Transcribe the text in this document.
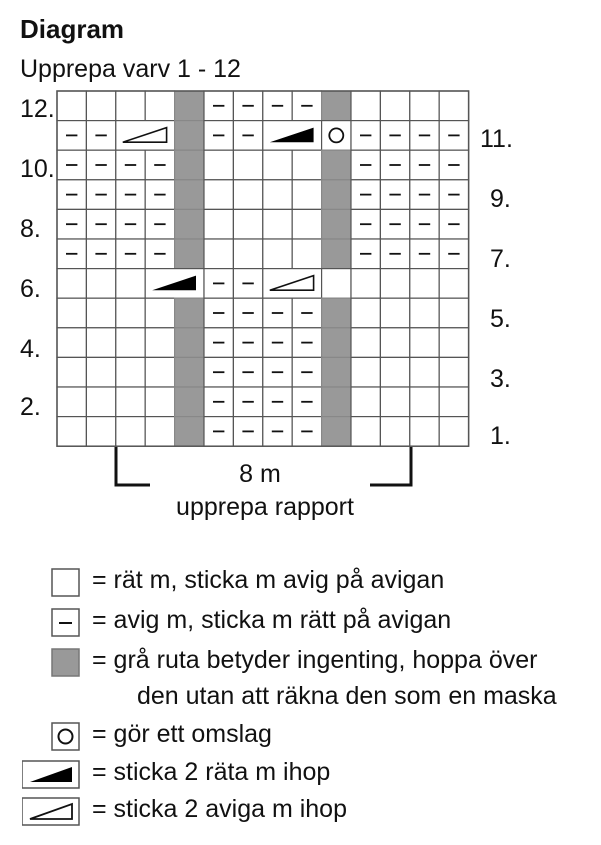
Diagram
Upprepa varv 1 - 12
12.
10.
8.
6.
4.
2.
11.
9.
7.
5.
3.
1.
8 m
upprepa rapport
= rät m, sticka m avig på avigan
= avig m, sticka m rätt på avigan
= grå ruta betyder ingenting, hoppa över
den utan att räkna den som en maska
= gör ett omslag
= sticka 2 räta m ihop
= sticka 2 aviga m ihop
